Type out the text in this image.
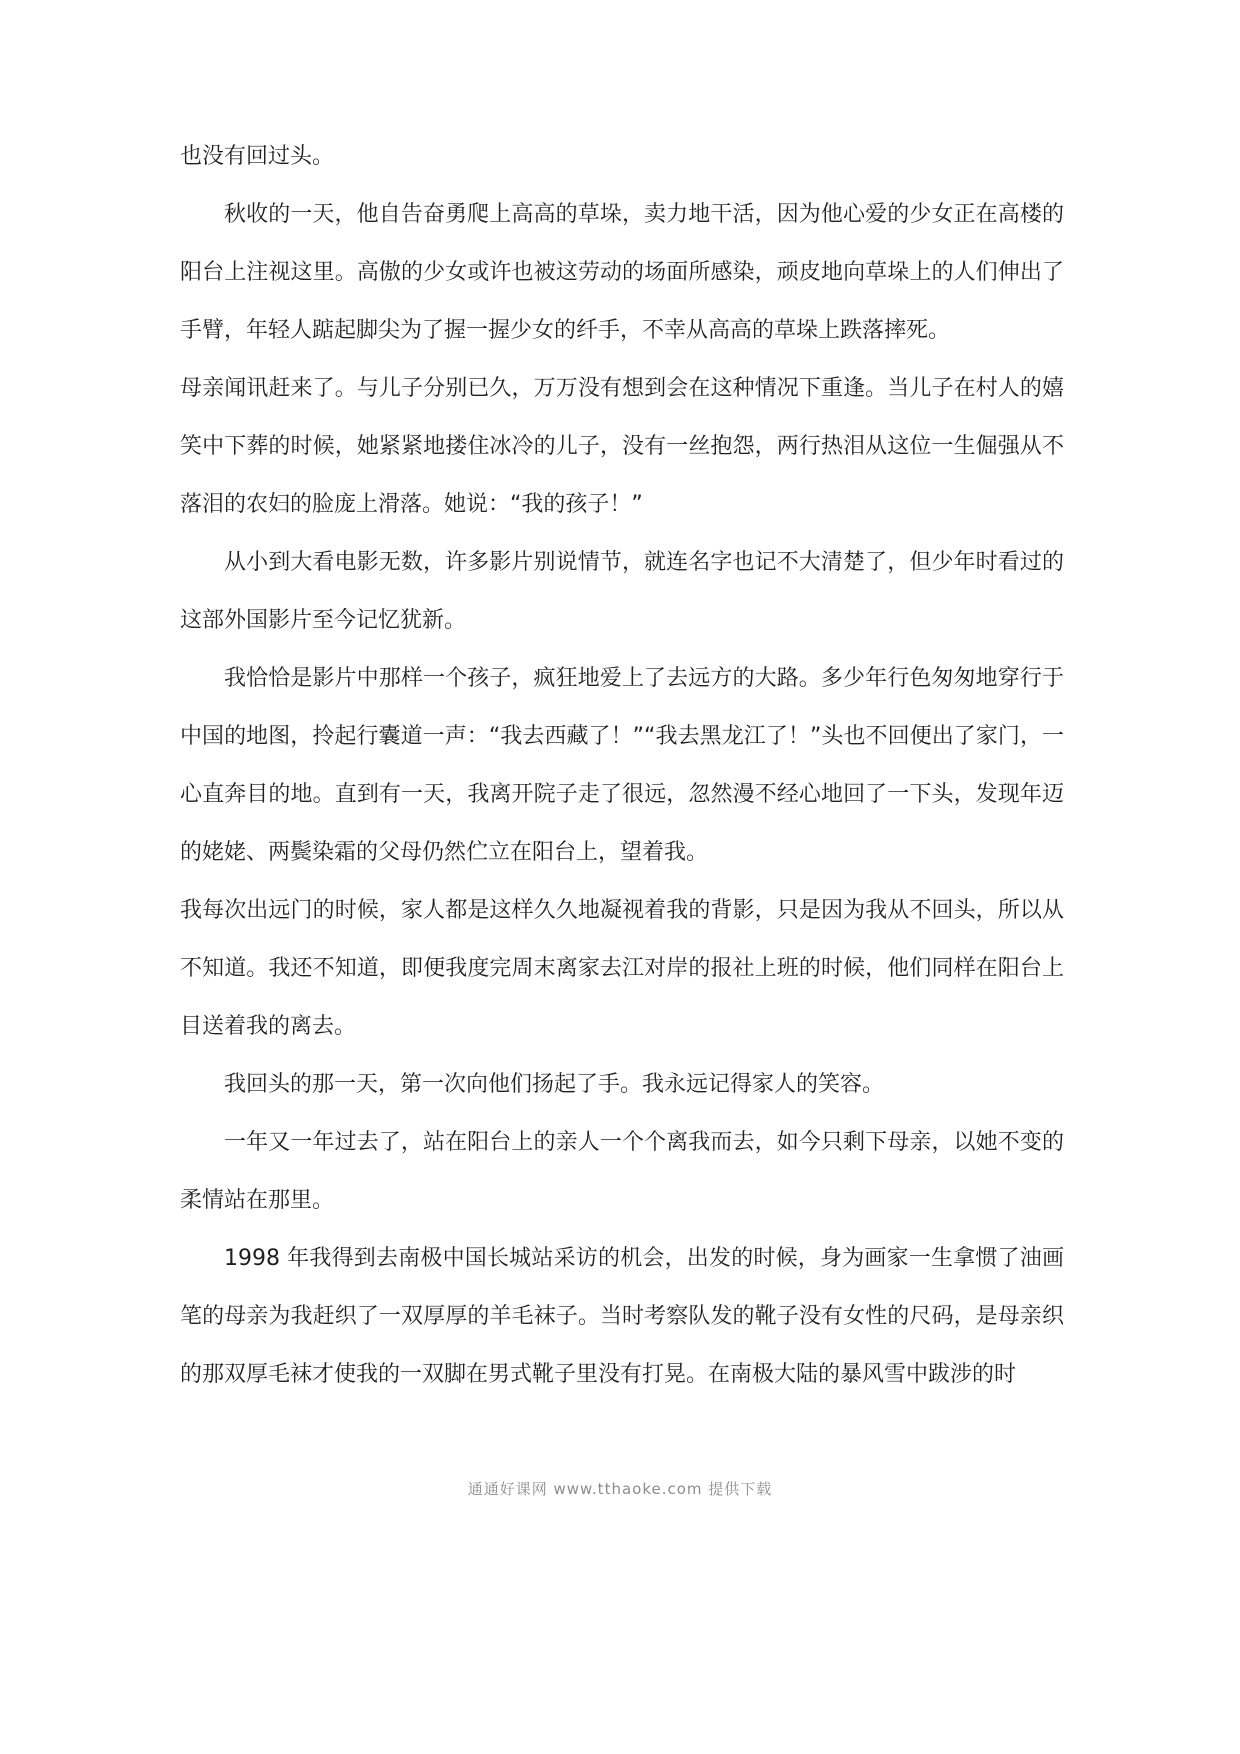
也没有回过头。

秋收的一天，他自告奋勇爬上高高的草垛，卖力地干活，因为他心爱的少女正在高楼的阳台上注视这里。高傲的少女或许也被这劳动的场面所感染，顽皮地向草垛上的人们伸出了手臂，年轻人踮起脚尖为了握一握少女的纤手，不幸从高高的草垛上跌落摔死。

母亲闻讯赶来了。与儿子分别已久，万万没有想到会在这种情况下重逢。当儿子在村人的嬉笑中下葬的时候，她紧紧地搂住冰冷的儿子，没有一丝抱怨，两行热泪从这位一生倔强从不落泪的农妇的脸庞上滑落。她说：“我的孩子！”

从小到大看电影无数，许多影片别说情节，就连名字也记不大清楚了，但少年时看过的这部外国影片至今记忆犹新。

我恰恰是影片中那样一个孩子，疯狂地爱上了去远方的大路。多少年行色匆匆地穿行于中国的地图，拎起行囊道一声：“我去西藏了！”“我去黑龙江了！”头也不回便出了家门，一心直奔目的地。直到有一天，我离开院子走了很远，忽然漫不经心地回了一下头，发现年迈的姥姥、两鬓染霜的父母仍然伫立在阳台上，望着我。

我每次出远门的时候，家人都是这样久久地凝视着我的背影，只是因为我从不回头，所以从不知道。我还不知道，即便我度完周末离家去江对岸的报社上班的时候，他们同样在阳台上目送着我的离去。

我回头的那一天，第一次向他们扬起了手。我永远记得家人的笑容。

一年又一年过去了，站在阳台上的亲人一个个离我而去，如今只剩下母亲，以她不变的柔情站在那里。

1998 年我得到去南极中国长城站采访的机会，出发的时候，身为画家一生拿惯了油画笔的母亲为我赶织了一双厚厚的羊毛袜子。当时考察队发的靴子没有女性的尺码，是母亲织的那双厚毛袜才使我的一双脚在男式靴子里没有打晃。在南极大陆的暴风雪中跋涉的时

通通好课网 www.tthaoke.com 提供下载
